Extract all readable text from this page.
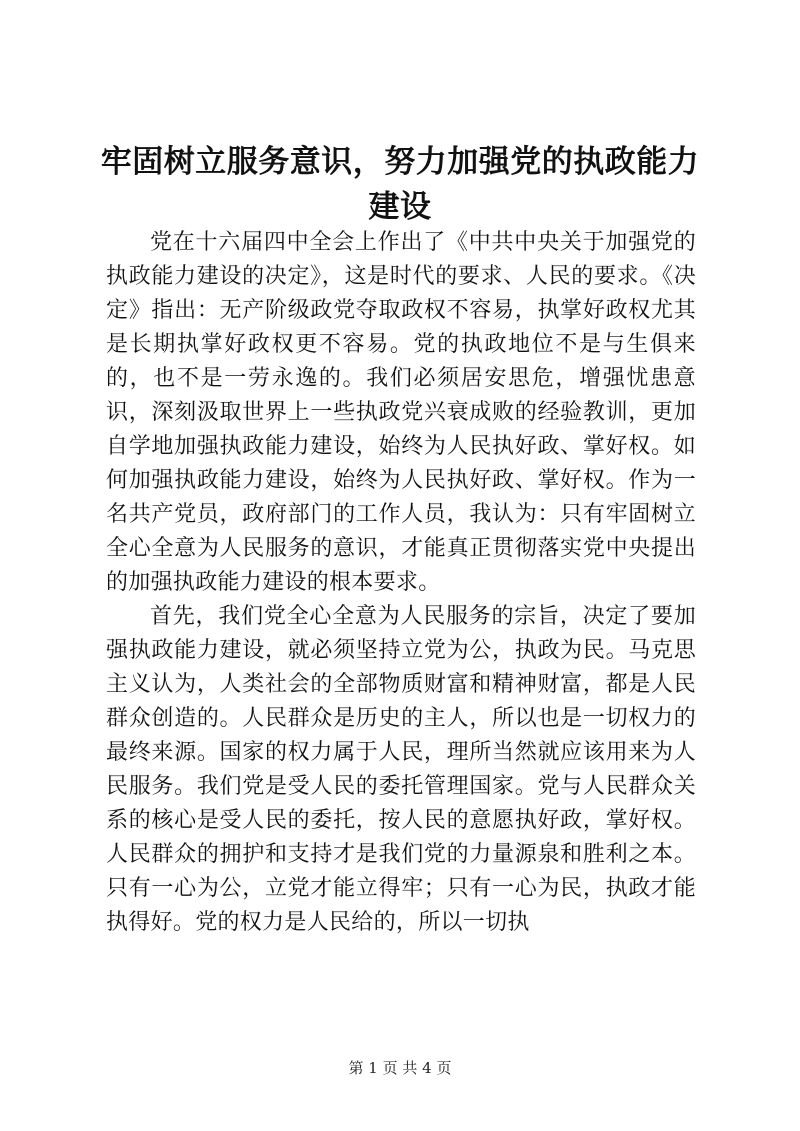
牢固树立服务意识，努力加强党的执政能力建设

党在十六届四中全会上作出了《中共中央关于加强党的执政能力建设的决定》，这是时代的要求、人民的要求。《决定》指出：无产阶级政党夺取政权不容易，执掌好政权尤其是长期执掌好政权更不容易。党的执政地位不是与生俱来的，也不是一劳永逸的。我们必须居安思危，增强忧患意识，深刻汲取世界上一些执政党兴衰成败的经验教训，更加自学地加强执政能力建设，始终为人民执好政、掌好权。如何加强执政能力建设，始终为人民执好政、掌好权。作为一名共产党员，政府部门的工作人员，我认为：只有牢固树立全心全意为人民服务的意识，才能真正贯彻落实党中央提出的加强执政能力建设的根本要求。

首先，我们党全心全意为人民服务的宗旨，决定了要加强执政能力建设，就必须坚持立党为公，执政为民。马克思主义认为，人类社会的全部物质财富和精神财富，都是人民群众创造的。人民群众是历史的主人，所以也是一切权力的最终来源。国家的权力属于人民，理所当然就应该用来为人民服务。我们党是受人民的委托管理国家。党与人民群众关系的核心是受人民的委托，按人民的意愿执好政，掌好权。人民群众的拥护和支持才是我们党的力量源泉和胜利之本。只有一心为公，立党才能立得牢；只有一心为民，执政才能执得好。党的权力是人民给的，所以一切执

第 1 页 共 4 页
